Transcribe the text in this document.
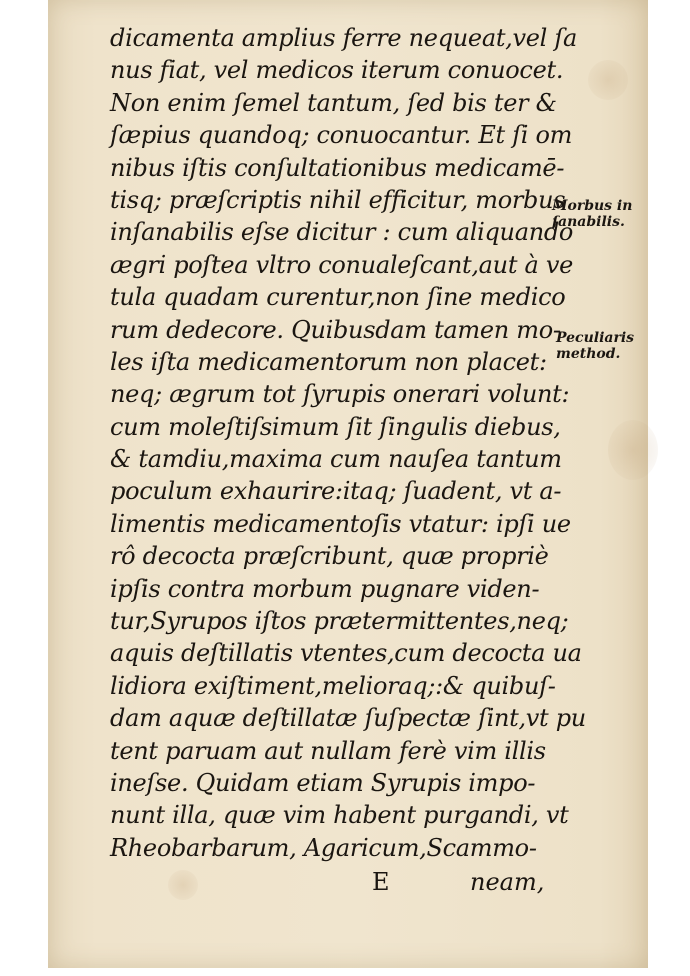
dicamenta amplius ferre nequeat,vel ſa
nus fiat, vel medicos iterum conuocet.
Non enim ſemel tantum, ſed bis ter &
ſæpius quandoq; conuocantur. Et ſi om
nibus iſtis conſultationibus medicamē-
tisq; præſcriptis nihil efficitur, morbus
inſanabilis eſse dicitur : cum aliquando
ægri poſtea vltro conualeſcant,aut à ve
tula quadam curentur,non ſine medico
rum dedecore. Quibusdam tamen mo-
les iſta medicamentorum non placet:
neq; ægrum tot ſyrupis onerari volunt:
cum moleſtiſsimum ſit ſingulis diebus,
& tamdiu,maxima cum nauſea tantum
poculum exhaurire:itaq; ſuadent, vt a-
limentis medicamentoſis vtatur: ipſi ue
rô decocta præſcribunt, quæ propriè
ipſis contra morbum pugnare viden-
tur,Syrupos iſtos prætermittentes,neq;
aquis deſtillatis vtentes,cum decocta ua
lidiora exiſtiment,melioraq;:& quibuſ-
dam aquæ deſtillatæ ſuſpectæ ſint,vt pu
tent paruam aut nullam ferè vim illis
ineſse. Quidam etiam Syrupis impo-
nunt illa, quæ vim habent purgandi, vt
Rheobarbarum, Agaricum,Scammo-
Morbus in
ſanabilis.
Peculiaris
method.
E	neam,
